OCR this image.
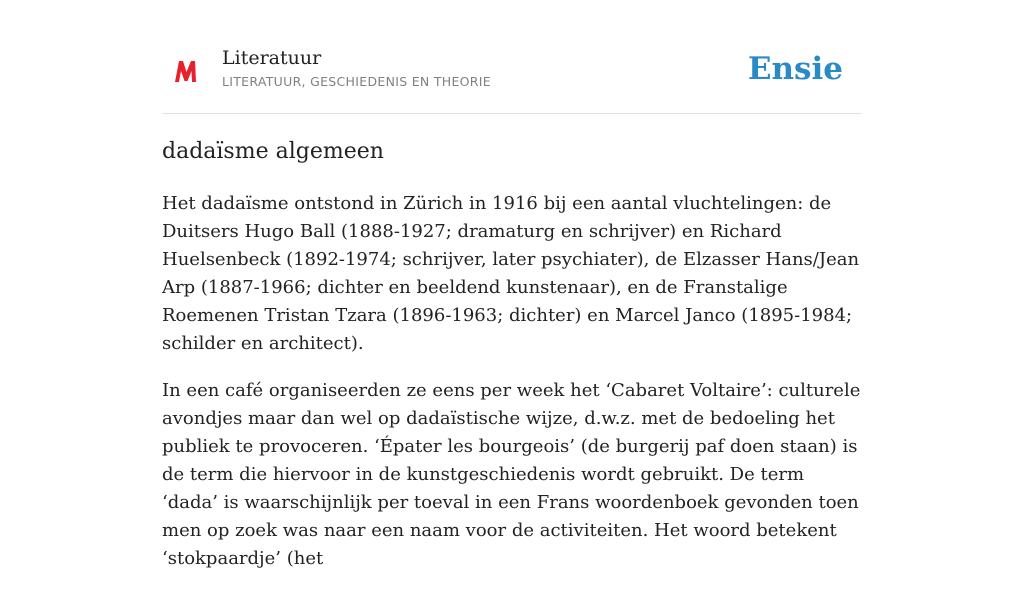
Literatuur
LITERATUUR, GESCHIEDENIS EN THEORIE	Ensie
dadaïsme algemeen

Het dadaïsme ontstond in Zürich in 1916 bij een aantal vluchtelingen: de Duitsers Hugo Ball (1888-1927; dramaturg en schrijver) en Richard Huelsenbeck (1892-1974; schrijver, later psychiater), de Elzasser Hans/Jean Arp (1887-1966; dichter en beeldend kunstenaar), en de Franstalige Roemenen Tristan Tzara (1896-1963; dichter) en Marcel Janco (1895-1984; schilder en architect).

In een café organiseerden ze eens per week het ‘Cabaret Voltaire’: culturele avondjes maar dan wel op dadaïstische wijze, d.w.z. met de bedoeling het publiek te provoceren. ‘Épater les bourgeois’ (de burgerij paf doen staan) is de term die hiervoor in de kunstgeschiedenis wordt gebruikt. De term ‘dada’ is waarschijnlijk per toeval in een Frans woordenboek gevonden toen men op zoek was naar een naam voor de activiteiten. Het woord betekent ‘stokpaardje’ (het
